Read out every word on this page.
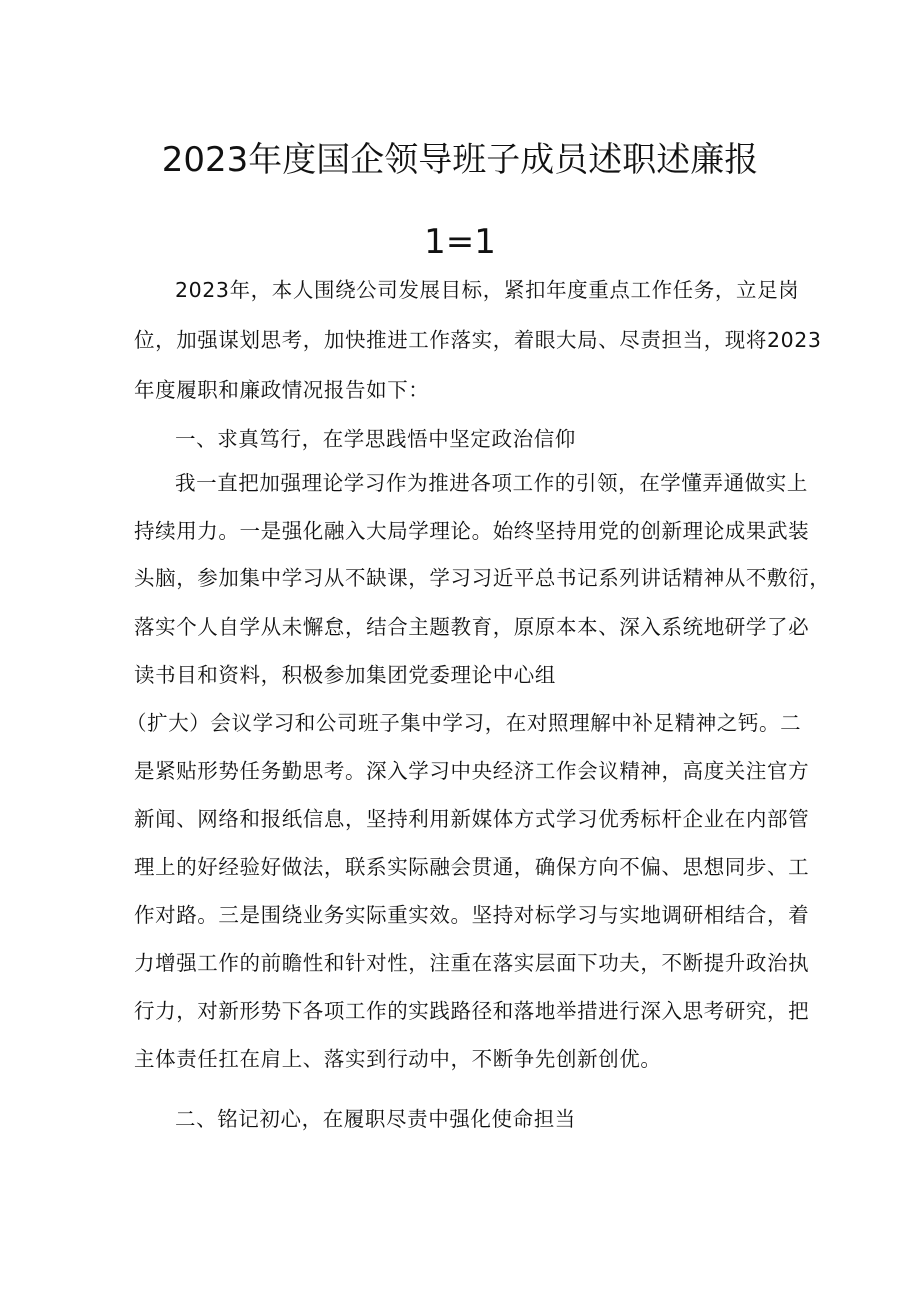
2023年度国企领导班子成员述职述廉报
1=1

2023年，本人围绕公司发展目标，紧扣年度重点工作任务，立足岗

位，加强谋划思考，加快推进工作落实，着眼大局、尽责担当，现将2023

年度履职和廉政情况报告如下：

一、求真笃行，在学思践悟中坚定政治信仰

我一直把加强理论学习作为推进各项工作的引领，在学懂弄通做实上

持续用力。一是强化融入大局学理论。始终坚持用党的创新理论成果武装

头脑，参加集中学习从不缺课，学习习近平总书记系列讲话精神从不敷衍，

落实个人自学从未懈怠，结合主题教育，原原本本、深入系统地研学了必

读书目和资料，积极参加集团党委理论中心组

（扩大）会议学习和公司班子集中学习，在对照理解中补足精神之钙。二

是紧贴形势任务勤思考。深入学习中央经济工作会议精神，高度关注官方

新闻、网络和报纸信息，坚持利用新媒体方式学习优秀标杆企业在内部管

理上的好经验好做法，联系实际融会贯通，确保方向不偏、思想同步、工

作对路。三是围绕业务实际重实效。坚持对标学习与实地调研相结合，着

力增强工作的前瞻性和针对性，注重在落实层面下功夫，不断提升政治执

行力，对新形势下各项工作的实践路径和落地举措进行深入思考研究，把

主体责任扛在肩上、落实到行动中，不断争先创新创优。

二、铭记初心，在履职尽责中强化使命担当
